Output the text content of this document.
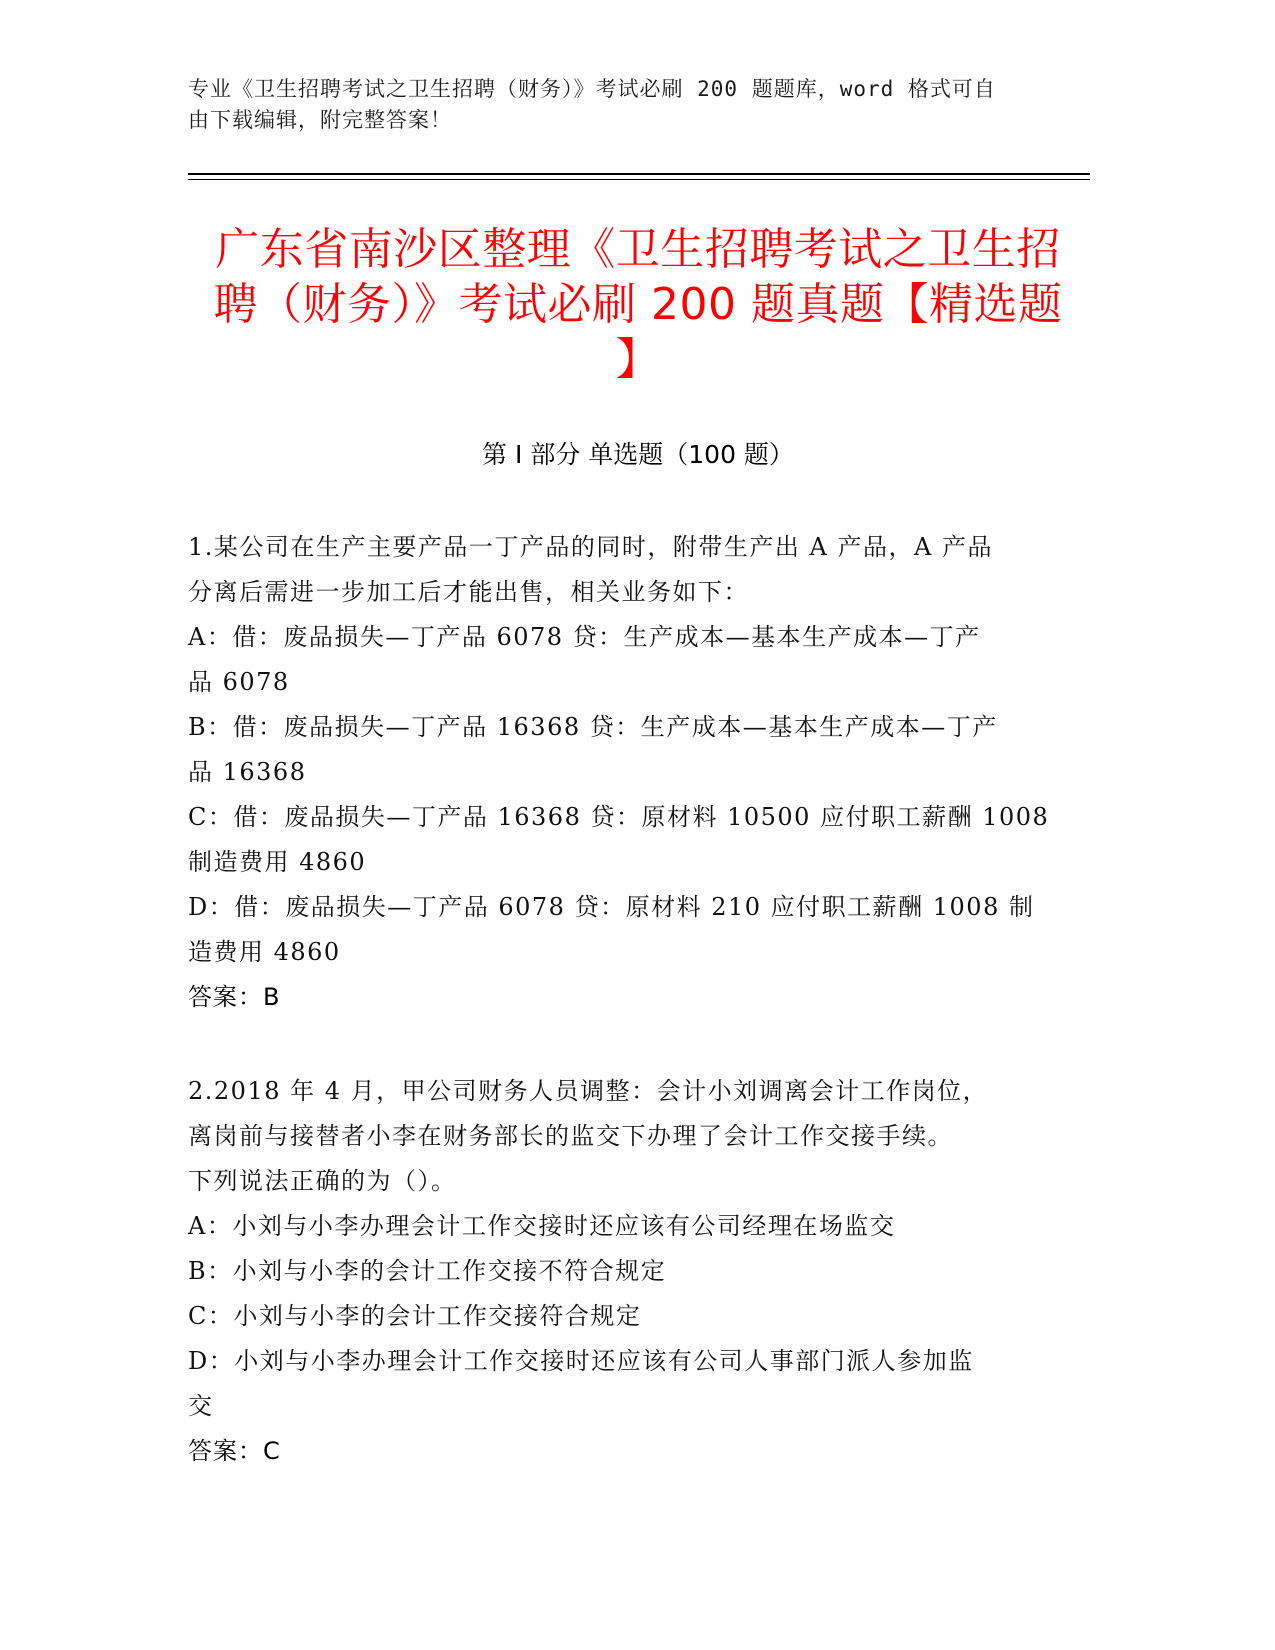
专业《卫生招聘考试之卫生招聘（财务）》考试必刷 200 题题库，word 格式可自
由下载编辑，附完整答案！
广东省南沙区整理《卫生招聘考试之卫生招
聘（财务）》考试必刷 200 题真题【精选题
】
第 I 部分 单选题（100 题）
1.某公司在生产主要产品一丁产品的同时，附带生产出 A 产品，A 产品
分离后需进一步加工后才能出售，相关业务如下：
A：借：废品损失—丁产品 6078 贷：生产成本—基本生产成本—丁产
品 6078
B：借：废品损失—丁产品 16368 贷：生产成本—基本生产成本—丁产
品 16368
C：借：废品损失—丁产品 16368 贷：原材料 10500 应付职工薪酬 1008
制造费用 4860
D：借：废品损失—丁产品 6078 贷：原材料 210 应付职工薪酬 1008 制
造费用 4860
答案：B
2.2018 年 4 月，甲公司财务人员调整：会计小刘调离会计工作岗位，
离岗前与接替者小李在财务部长的监交下办理了会计工作交接手续。
下列说法正确的为（）。
A：小刘与小李办理会计工作交接时还应该有公司经理在场监交
B：小刘与小李的会计工作交接不符合规定
C：小刘与小李的会计工作交接符合规定
D：小刘与小李办理会计工作交接时还应该有公司人事部门派人参加监
交
答案：C
